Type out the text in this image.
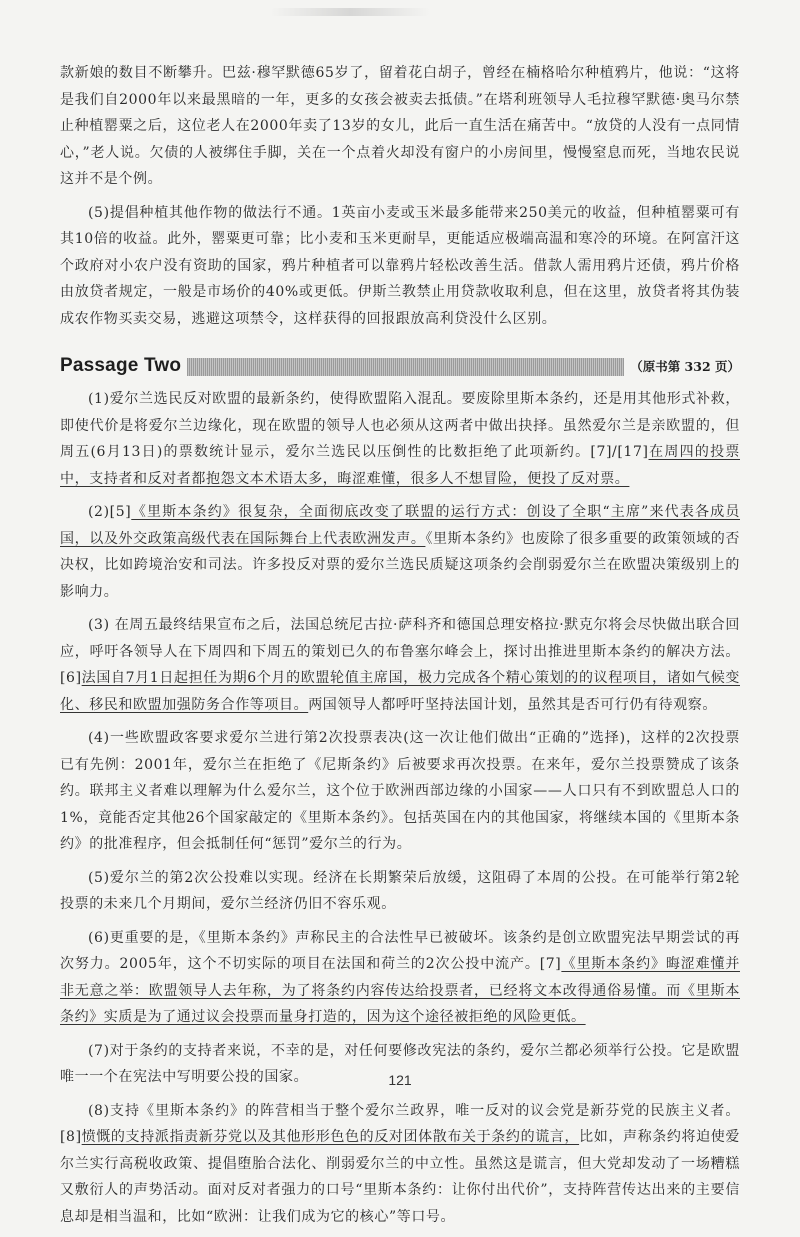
款新娘的数目不断攀升。巴兹·穆罕默德65岁了，留着花白胡子，曾经在楠格哈尔种植鸦片，他说：“这将是我们自2000年以来最黑暗的一年，更多的女孩会被卖去抵债。”在塔利班领导人毛拉穆罕默德·奥马尔禁止种植罂粟之后，这位老人在2000年卖了13岁的女儿，此后一直生活在痛苦中。“放贷的人没有一点同情心，”老人说。欠债的人被绑住手脚，关在一个点着火却没有窗户的小房间里，慢慢窒息而死，当地农民说这并不是个例。

(5)提倡种植其他作物的做法行不通。1英亩小麦或玉米最多能带来250美元的收益，但种植罂粟可有其10倍的收益。此外，罂粟更可靠；比小麦和玉米更耐旱，更能适应极端高温和寒冷的环境。在阿富汗这个政府对小农户没有资助的国家，鸦片种植者可以靠鸦片轻松改善生活。借款人需用鸦片还债，鸦片价格由放贷者规定，一般是市场价的40%或更低。伊斯兰教禁止用贷款收取利息，但在这里，放贷者将其伪装成农作物买卖交易，逃避这项禁令，这样获得的回报跟放高利贷没什么区别。

Passage Two	（原书第 332 页）

(1)爱尔兰选民反对欧盟的最新条约，使得欧盟陷入混乱。要废除里斯本条约，还是用其他形式补救，即使代价是将爱尔兰边缘化，现在欧盟的领导人也必须从这两者中做出抉择。虽然爱尔兰是亲欧盟的，但周五(6月13日)的票数统计显示，爱尔兰选民以压倒性的比数拒绝了此项新约。[7]/[17]在周四的投票中，支持者和反对者都抱怨文本术语太多，晦涩难懂，很多人不想冒险，便投了反对票。

(2)[5]《里斯本条约》很复杂，全面彻底改变了联盟的运行方式：创设了全职“主席”来代表各成员国，以及外交政策高级代表在国际舞台上代表欧洲发声。《里斯本条约》也废除了很多重要的政策领域的否决权，比如跨境治安和司法。许多投反对票的爱尔兰选民质疑这项条约会削弱爱尔兰在欧盟决策级别上的影响力。

(3) 在周五最终结果宣布之后，法国总统尼古拉·萨科齐和德国总理安格拉·默克尔将会尽快做出联合回应，呼吁各领导人在下周四和下周五的策划已久的布鲁塞尔峰会上，探讨出推进里斯本条约的解决方法。[6]法国自7月1日起担任为期6个月的欧盟轮值主席国，极力完成各个精心策划的的议程项目，诸如气候变化、移民和欧盟加强防务合作等项目。两国领导人都呼吁坚持法国计划，虽然其是否可行仍有待观察。

(4)一些欧盟政客要求爱尔兰进行第2次投票表决(这一次让他们做出“正确的”选择)，这样的2次投票已有先例：2001年，爱尔兰在拒绝了《尼斯条约》后被要求再次投票。在来年，爱尔兰投票赞成了该条约。联邦主义者难以理解为什么爱尔兰，这个位于欧洲西部边缘的小国家——人口只有不到欧盟总人口的1%，竟能否定其他26个国家敲定的《里斯本条约》。包括英国在内的其他国家，将继续本国的《里斯本条约》的批准程序，但会抵制任何“惩罚”爱尔兰的行为。

(5)爱尔兰的第2次公投难以实现。经济在长期繁荣后放缓，这阻碍了本周的公投。在可能举行第2轮投票的未来几个月期间，爱尔兰经济仍旧不容乐观。

(6)更重要的是，《里斯本条约》声称民主的合法性早已被破坏。该条约是创立欧盟宪法早期尝试的再次努力。2005年，这个不切实际的项目在法国和荷兰的2次公投中流产。[7]《里斯本条约》晦涩难懂并非无意之举：欧盟领导人去年称，为了将条约内容传达给投票者，已经将文本改得通俗易懂。而《里斯本条约》实质是为了通过议会投票而量身打造的，因为这个途径被拒绝的风险更低。

(7)对于条约的支持者来说，不幸的是，对任何要修改宪法的条约，爱尔兰都必须举行公投。它是欧盟唯一一个在宪法中写明要公投的国家。

(8)支持《里斯本条约》的阵营相当于整个爱尔兰政界，唯一反对的议会党是新芬党的民族主义者。[8]愤慨的支持派指责新芬党以及其他形形色色的反对团体散布关于条约的谎言，比如，声称条约将迫使爱尔兰实行高税收政策、提倡堕胎合法化、削弱爱尔兰的中立性。虽然这是谎言，但大党却发动了一场糟糕又敷衍人的声势活动。面对反对者强力的口号“里斯本条约：让你付出代价”，支持阵营传达出来的主要信息却是相当温和，比如“欧洲：让我们成为它的核心”等口号。

121
